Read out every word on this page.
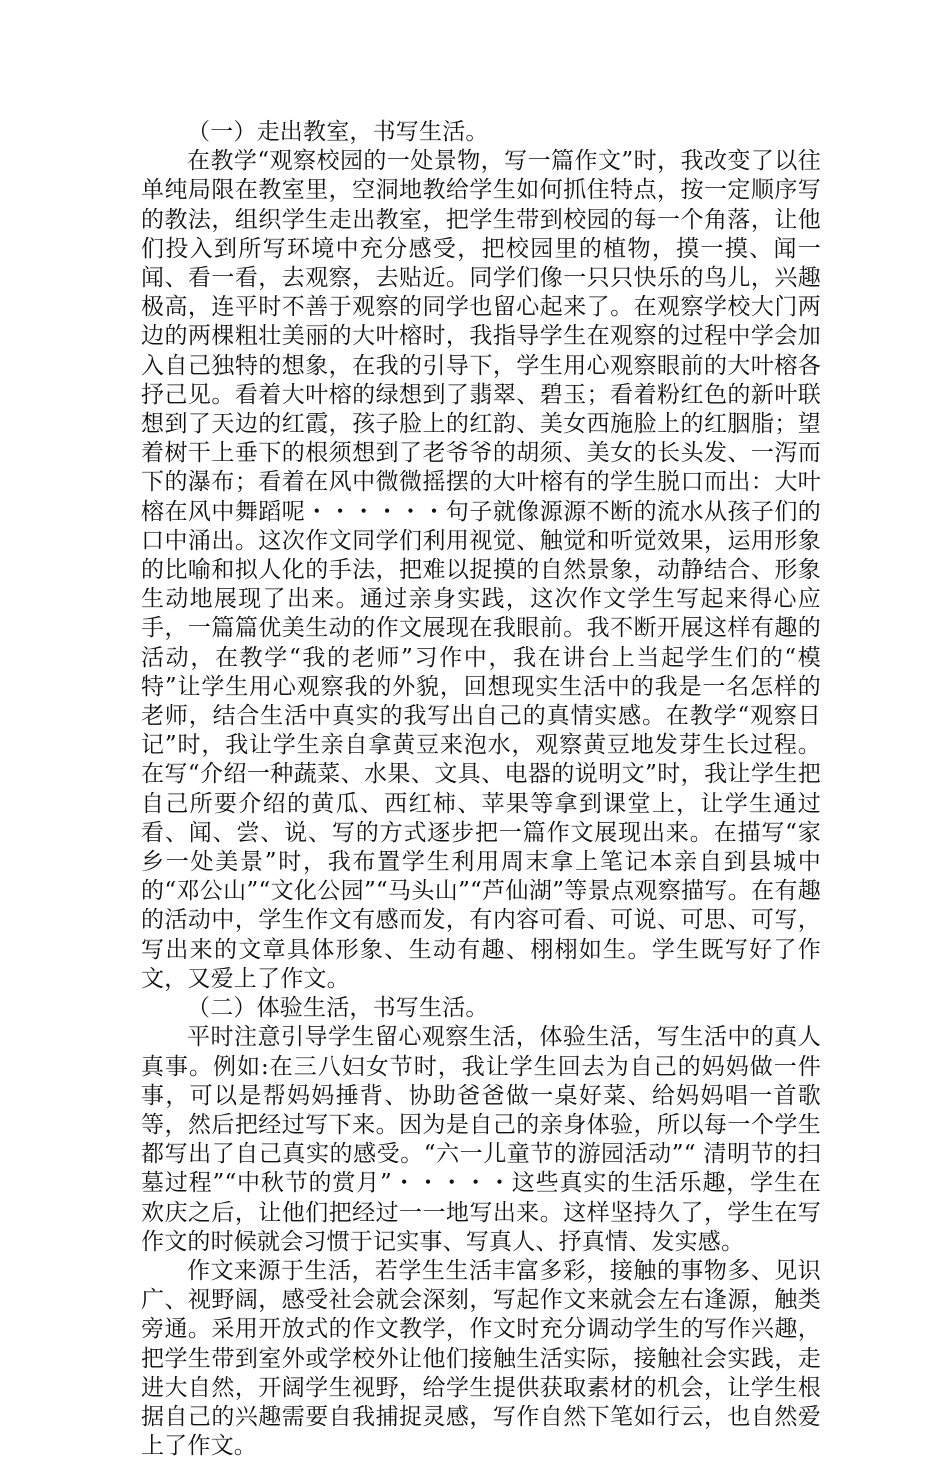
（一）走出教室，书写生活。

在教学“观察校园的一处景物，写一篇作文”时，我改变了以往单纯局限在教室里，空洞地教给学生如何抓住特点，按一定顺序写的教法，组织学生走出教室，把学生带到校园的每一个角落，让他们投入到所写环境中充分感受，把校园里的植物，摸一摸、闻一闻、看一看，去观察，去贴近。同学们像一只只快乐的鸟儿，兴趣极高，连平时不善于观察的同学也留心起来了。在观察学校大门两边的两棵粗壮美丽的大叶榕时，我指导学生在观察的过程中学会加入自己独特的想象，在我的引导下，学生用心观察眼前的大叶榕各抒己见。看着大叶榕的绿想到了翡翠、碧玉；看着粉红色的新叶联想到了天边的红霞，孩子脸上的红韵、美女西施脸上的红胭脂；望着树干上垂下的根须想到了老爷爷的胡须、美女的长头发、一泻而下的瀑布；看着在风中微微摇摆的大叶榕有的学生脱口而出：大叶榕在风中舞蹈呢・・・・・・句子就像源源不断的流水从孩子们的口中涌出。这次作文同学们利用视觉、触觉和听觉效果，运用形象的比喻和拟人化的手法，把难以捉摸的自然景象，动静结合、形象生动地展现了出来。通过亲身实践，这次作文学生写起来得心应手，一篇篇优美生动的作文展现在我眼前。我不断开展这样有趣的活动，在教学“我的老师”习作中，我在讲台上当起学生们的“模特”让学生用心观察我的外貌，回想现实生活中的我是一名怎样的老师，结合生活中真实的我写出自己的真情实感。在教学“观察日记”时，我让学生亲自拿黄豆来泡水，观察黄豆地发芽生长过程。在写“介绍一种蔬菜、水果、文具、电器的说明文”时，我让学生把自己所要介绍的黄瓜、西红柿、苹果等拿到课堂上，让学生通过看、闻、尝、说、写的方式逐步把一篇作文展现出来。在描写“家乡一处美景”时，我布置学生利用周末拿上笔记本亲自到县城中的“邓公山”“文化公园”“马头山”“芦仙湖”等景点观察描写。在有趣的活动中，学生作文有感而发，有内容可看、可说、可思、可写，写出来的文章具体形象、生动有趣、栩栩如生。学生既写好了作文，又爱上了作文。

（二）体验生活，书写生活。

平时注意引导学生留心观察生活，体验生活，写生活中的真人真事。例如:在三八妇女节时，我让学生回去为自己的妈妈做一件事，可以是帮妈妈捶背、协助爸爸做一桌好菜、给妈妈唱一首歌等，然后把经过写下来。因为是自己的亲身体验，所以每一个学生都写出了自己真实的感受。“六一儿童节的游园活动”“ 清明节的扫墓过程”“中秋节的赏月”・・・・・这些真实的生活乐趣，学生在欢庆之后，让他们把经过一一地写出来。这样坚持久了，学生在写作文的时候就会习惯于记实事、写真人、抒真情、发实感。

作文来源于生活，若学生生活丰富多彩，接触的事物多、见识广、视野阔，感受社会就会深刻，写起作文来就会左右逢源，触类旁通。采用开放式的作文教学，作文时充分调动学生的写作兴趣，把学生带到室外或学校外让他们接触生活实际，接触社会实践，走进大自然，开阔学生视野，给学生提供获取素材的机会，让学生根据自己的兴趣需要自我捕捉灵感，写作自然下笔如行云，也自然爱上了作文。
